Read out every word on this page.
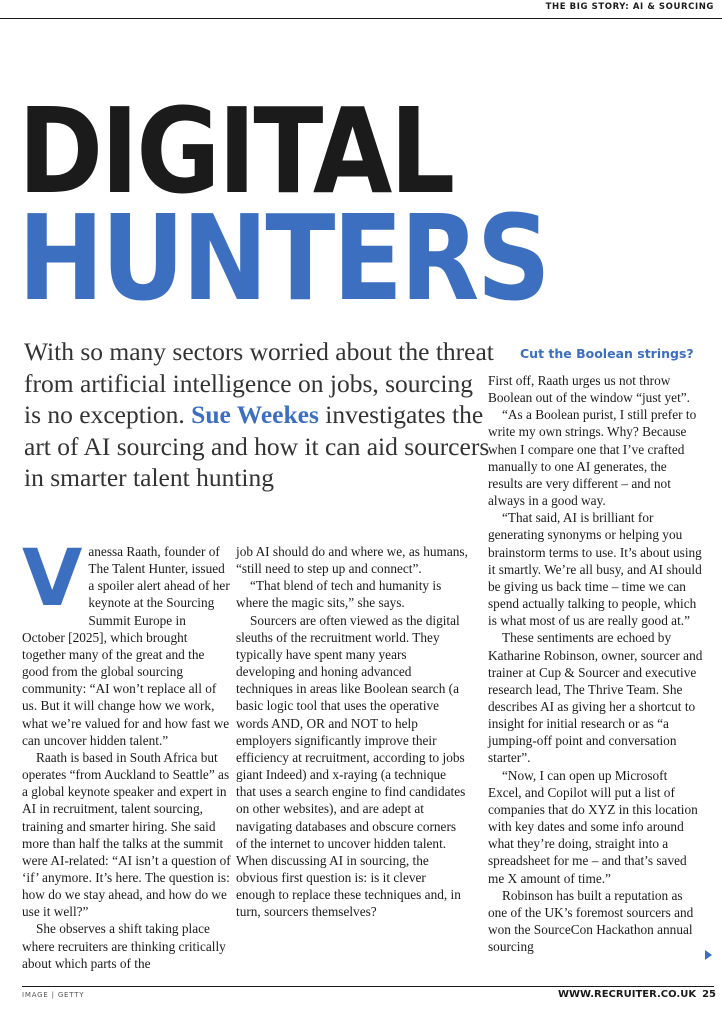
THE BIG STORY: AI & SOURCING
DIGITAL
HUNTERS
With so many sectors worried about the threat from artificial intelligence on jobs, sourcing is no exception. Sue Weekes investigates the art of AI sourcing and how it can aid sourcers in smarter talent hunting

Vanessa Raath, founder of The Talent Hunter, issued a spoiler alert ahead of her keynote at the Sourcing Summit Europe in October [2025], which brought together many of the great and the good from the global sourcing community: “AI won’t replace all of us. But it will change how we work, what we’re valued for and how fast we can uncover hidden talent.”

Raath is based in South Africa but operates “from Auckland to Seattle” as a global keynote speaker and expert in AI in recruitment, talent sourcing, training and smarter hiring. She said more than half the talks at the summit were AI-related: “AI isn’t a question of ‘if’ anymore. It’s here. The question is: how do we stay ahead, and how do we use it well?”

She observes a shift taking place where recruiters are thinking critically about which parts of the

job AI should do and where we, as humans, “still need to step up and connect”.

“That blend of tech and humanity is where the magic sits,” she says.

Sourcers are often viewed as the digital sleuths of the recruitment world. They typically have spent many years developing and honing advanced techniques in areas like Boolean search (a basic logic tool that uses the operative words AND, OR and NOT to help employers significantly improve their efficiency at recruitment, according to jobs giant Indeed) and x-raying (a technique that uses a search engine to find candidates on other websites), and are adept at navigating databases and obscure corners of the internet to uncover hidden talent. When discussing AI in sourcing, the obvious first question is: is it clever enough to replace these techniques and, in turn, sourcers themselves?

Cut the Boolean strings?

First off, Raath urges us not throw Boolean out of the window “just yet”.

“As a Boolean purist, I still prefer to write my own strings. Why? Because when I compare one that I’ve crafted manually to one AI generates, the results are very different – and not always in a good way.

“That said, AI is brilliant for generating synonyms or helping you brainstorm terms to use. It’s about using it smartly. We’re all busy, and AI should be giving us back time – time we can spend actually talking to people, which is what most of us are really good at.”

These sentiments are echoed by Katharine Robinson, owner, sourcer and trainer at Cup & Sourcer and executive research lead, The Thrive Team. She describes AI as giving her a shortcut to insight for initial research or as “a jumping-off point and conversation starter”.

“Now, I can open up Microsoft Excel, and Copilot will put a list of companies that do XYZ in this location with key dates and some info around what they’re doing, straight into a spreadsheet for me – and that’s saved me X amount of time.”

Robinson has built a reputation as one of the UK’s foremost sourcers and won the SourceCon Hackathon annual sourcing

IMAGE | GETTY	WWW.RECRUITER.CO.UK 25
